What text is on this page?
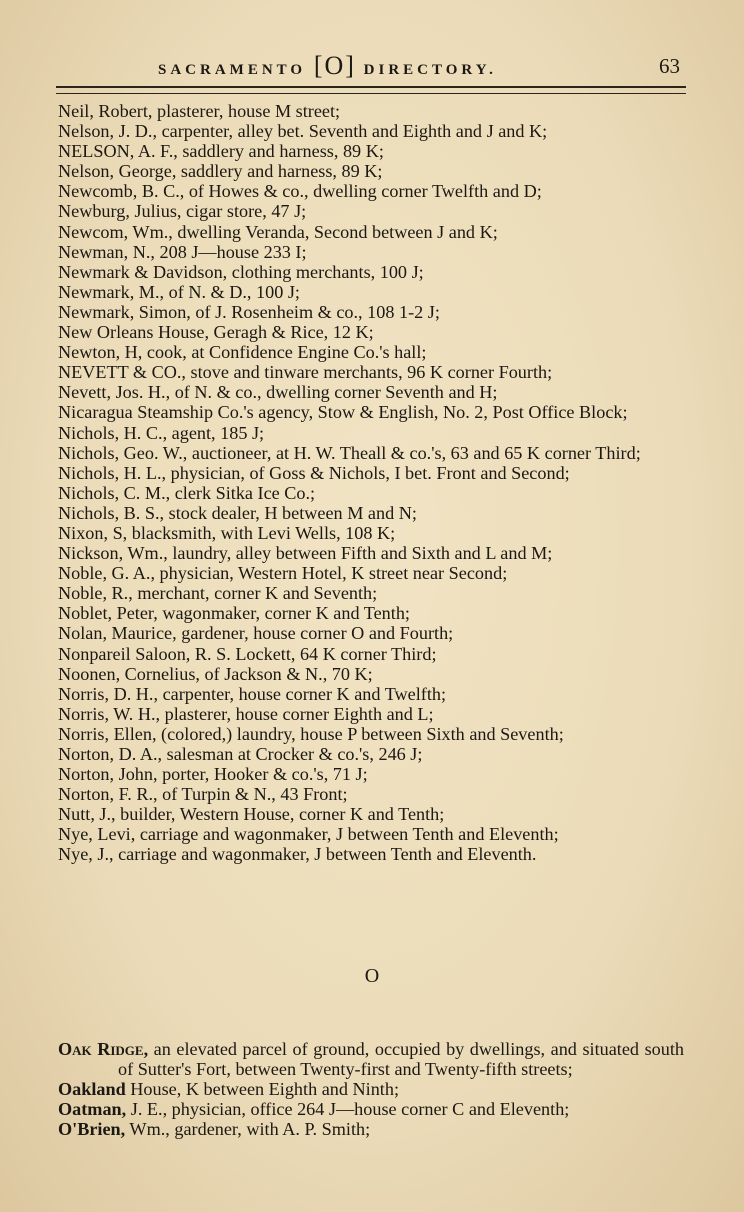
SACRAMENTO [O] DIRECTORY.	63

Neil, Robert, plasterer, house M street;

Nelson, J. D., carpenter, alley bet. Seventh and Eighth and J and K;

NELSON, A. F., saddlery and harness, 89 K;

Nelson, George, saddlery and harness, 89 K;

Newcomb, B. C., of Howes & co., dwelling corner Twelfth and D;

Newburg, Julius, cigar store, 47 J;

Newcom, Wm., dwelling Veranda, Second between J and K;

Newman, N., 208 J—house 233 I;

Newmark & Davidson, clothing merchants, 100 J;

Newmark, M., of N. & D., 100 J;

Newmark, Simon, of J. Rosenheim & co., 108 1-2 J;

New Orleans House, Geragh & Rice, 12 K;

Newton, H, cook, at Confidence Engine Co.'s hall;

NEVETT & CO., stove and tinware merchants, 96 K corner Fourth;

Nevett, Jos. H., of N. & co., dwelling corner Seventh and H;

Nicaragua Steamship Co.'s agency, Stow & English, No. 2, Post Office Block;

Nichols, H. C., agent, 185 J;

Nichols, Geo. W., auctioneer, at H. W. Theall & co.'s, 63 and 65 K corner Third;

Nichols, H. L., physician, of Goss & Nichols, I bet. Front and Second;

Nichols, C. M., clerk Sitka Ice Co.;

Nichols, B. S., stock dealer, H between M and N;

Nixon, S, blacksmith, with Levi Wells, 108 K;

Nickson, Wm., laundry, alley between Fifth and Sixth and L and M;

Noble, G. A., physician, Western Hotel, K street near Second;

Noble, R., merchant, corner K and Seventh;

Noblet, Peter, wagonmaker, corner K and Tenth;

Nolan, Maurice, gardener, house corner O and Fourth;

Nonpareil Saloon, R. S. Lockett, 64 K corner Third;

Noonen, Cornelius, of Jackson & N., 70 K;

Norris, D. H., carpenter, house corner K and Twelfth;

Norris, W. H., plasterer, house corner Eighth and L;

Norris, Ellen, (colored,) laundry, house P between Sixth and Seventh;

Norton, D. A., salesman at Crocker & co.'s, 246 J;

Norton, John, porter, Hooker & co.'s, 71 J;

Norton, F. R., of Turpin & N., 43 Front;

Nutt, J., builder, Western House, corner K and Tenth;

Nye, Levi, carriage and wagonmaker, J between Tenth and Eleventh;

Nye, J., carriage and wagonmaker, J between Tenth and Eleventh.

O

Oak Ridge, an elevated parcel of ground, occupied by dwellings, and situated south of Sutter's Fort, between Twenty-first and Twenty-fifth streets;

Oakland House, K between Eighth and Ninth;

Oatman, J. E., physician, office 264 J—house corner C and Eleventh;

O'Brien, Wm., gardener, with A. P. Smith;
